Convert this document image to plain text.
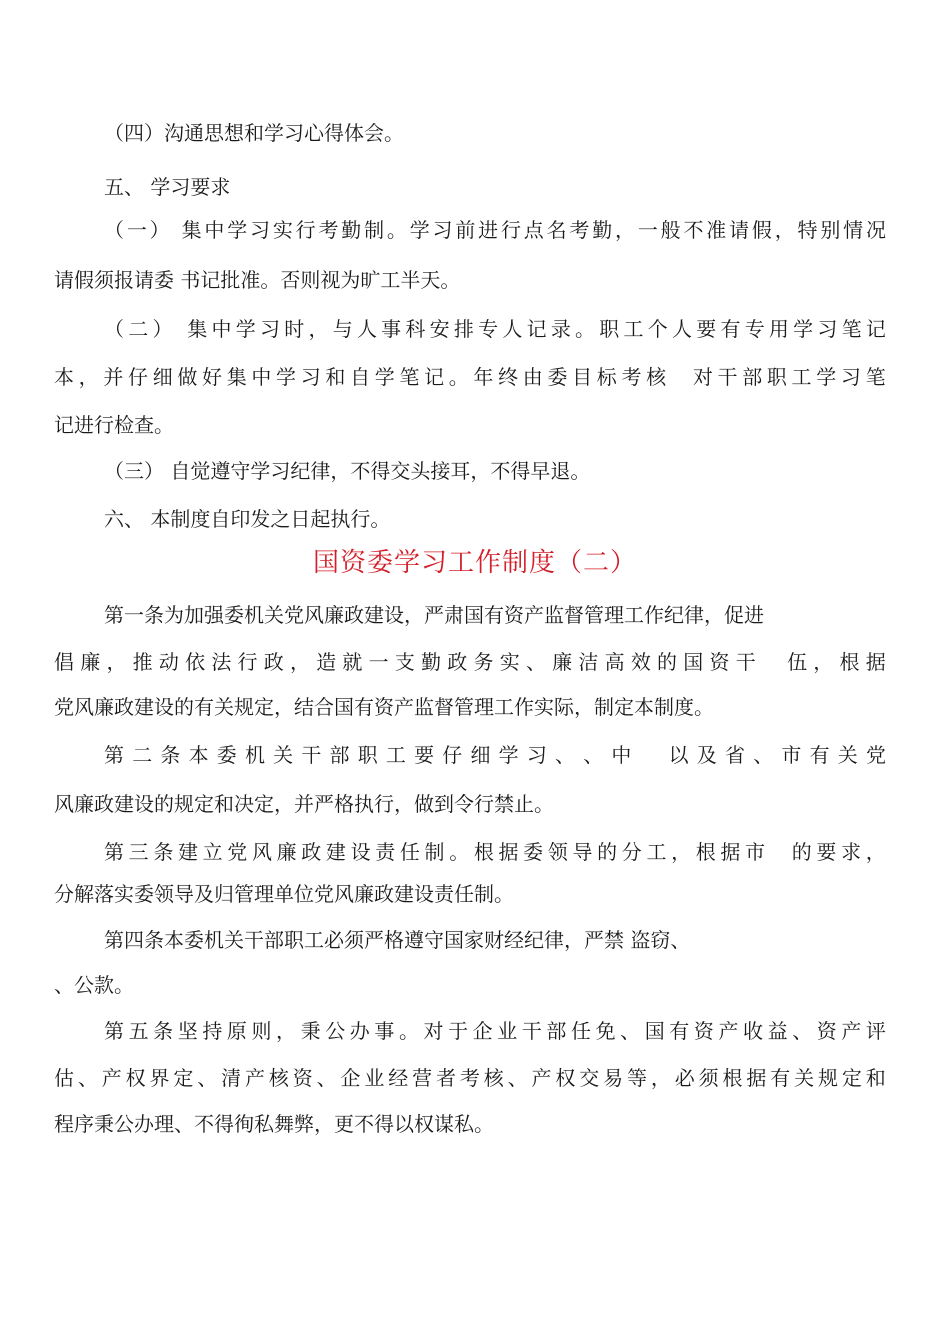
（四）沟通思想和学习心得体会。
五、 学习要求
（ 一 ）
集 中 学 习 实 行 考 勤 制 。 学 习 前 进 行 点 名 考 勤 ， 一 般 不 准 请 假 ， 特 别 情 况
请假须报请委 书记批准。否则视为旷工半天。
（ 二 ）
集 中 学 习 时 ， 与 人 事 科 安 排 专 人 记 录 。 职 工 个 人 要 有 专 用 学 习 笔 记
本 ， 并 仔 细 做 好 集 中 学 习 和 自 学 笔 记 。 年 终 由 委 目 标 考 核

对 干 部 职 工 学 习 笔
记进行检查。
（三） 自觉遵守学习纪律，不得交头接耳，不得早退。
六、 本制度自印发之日起执行。
国资委学习工作制度（二）
第一条为加强委机关党风廉政建设，严肃国有资产监督管理工作纪律，促进
倡 廉 ， 推 动 依 法 行 政 ， 造 就 一 支 勤 政 务 实 、 廉 洁 高 效 的 国 资 干

伍 ， 根 据
党风廉政建设的有关规定，结合国有资产监督管理工作实际，制定本制度。
第 二 条 本 委 机 关 干 部 职 工 要 仔 细 学 习 、 、 中

以 及 省 、 市 有 关 党
风廉政建设的规定和决定，并严格执行，做到令行禁止。
第 三 条 建 立 党 风 廉 政 建 设 责 任 制 。 根 据 委 领 导 的 分 工 ， 根 据 市

的 要 求 ，
分解落实委领导及归管理单位党风廉政建设责任制。
第四条本委机关干部职工必须严格遵守国家财经纪律，严禁 盗窃、
、公款。
第 五 条 坚 持 原 则 ， 秉 公 办 事 。 对 于 企 业 干 部 任 免 、 国 有 资 产 收 益 、 资 产 评
估 、 产 权 界 定 、 清 产 核 资 、 企 业 经 营 者 考 核 、 产 权 交 易 等 ， 必 须 根 据 有 关 规 定 和
程序秉公办理、不得徇私舞弊，更不得以权谋私。
